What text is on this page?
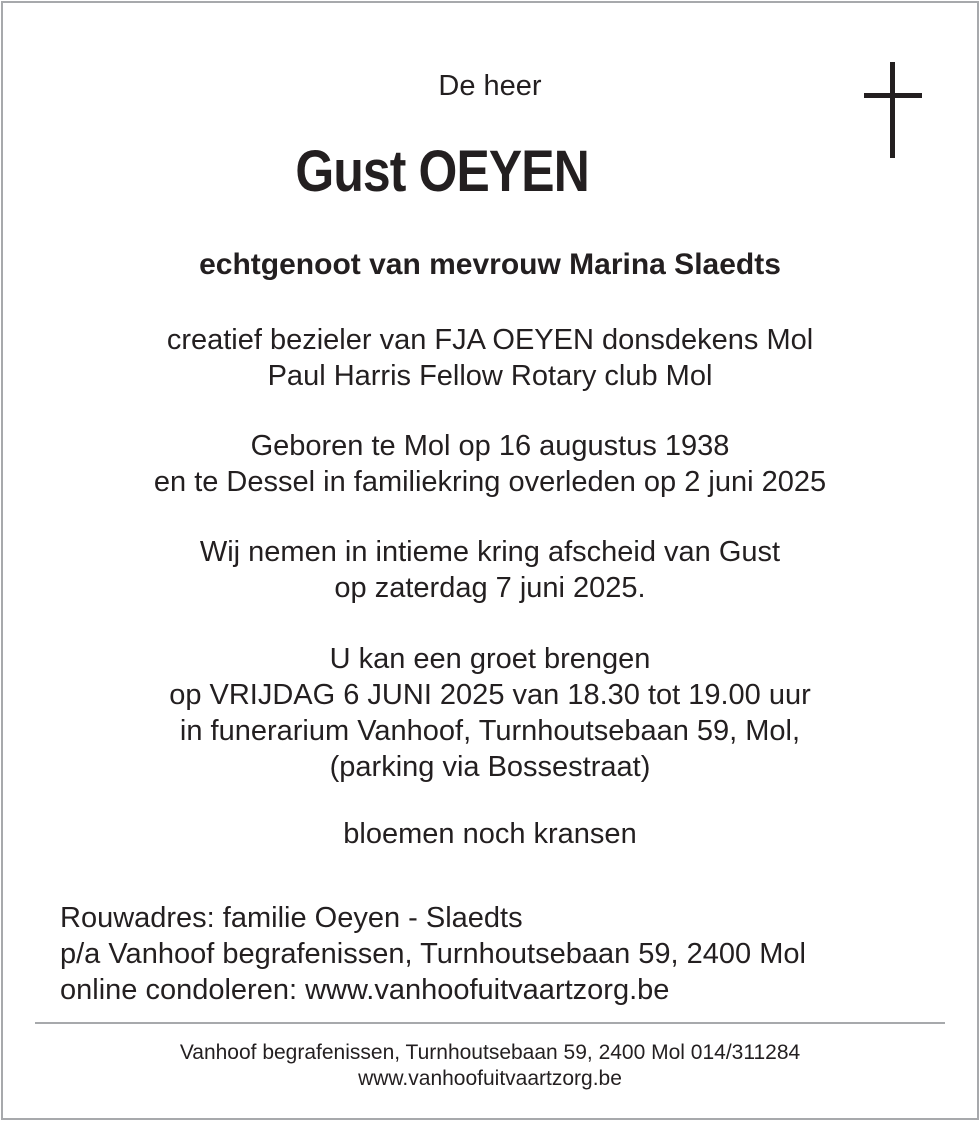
De heer

Gust OEYEN

echtgenoot van mevrouw Marina Slaedts

creatief bezieler van FJA OEYEN donsdekens Mol

Paul Harris Fellow Rotary club Mol

Geboren te Mol op 16 augustus 1938

en te Dessel in familiekring overleden op 2 juni 2025

Wij nemen in intieme kring afscheid van Gust

op zaterdag 7 juni 2025.

U kan een groet brengen

op VRIJDAG 6 JUNI 2025 van 18.30 tot 19.00 uur

in funerarium Vanhoof, Turnhoutsebaan 59, Mol,

(parking via Bossestraat)

bloemen noch kransen

Rouwadres: familie Oeyen - Slaedts

p/a Vanhoof begrafenissen, Turnhoutsebaan 59, 2400 Mol

online condoleren: www.vanhoofuitvaartzorg.be

Vanhoof begrafenissen, Turnhoutsebaan 59, 2400 Mol 014/311284
www.vanhoofuitvaartzorg.be
